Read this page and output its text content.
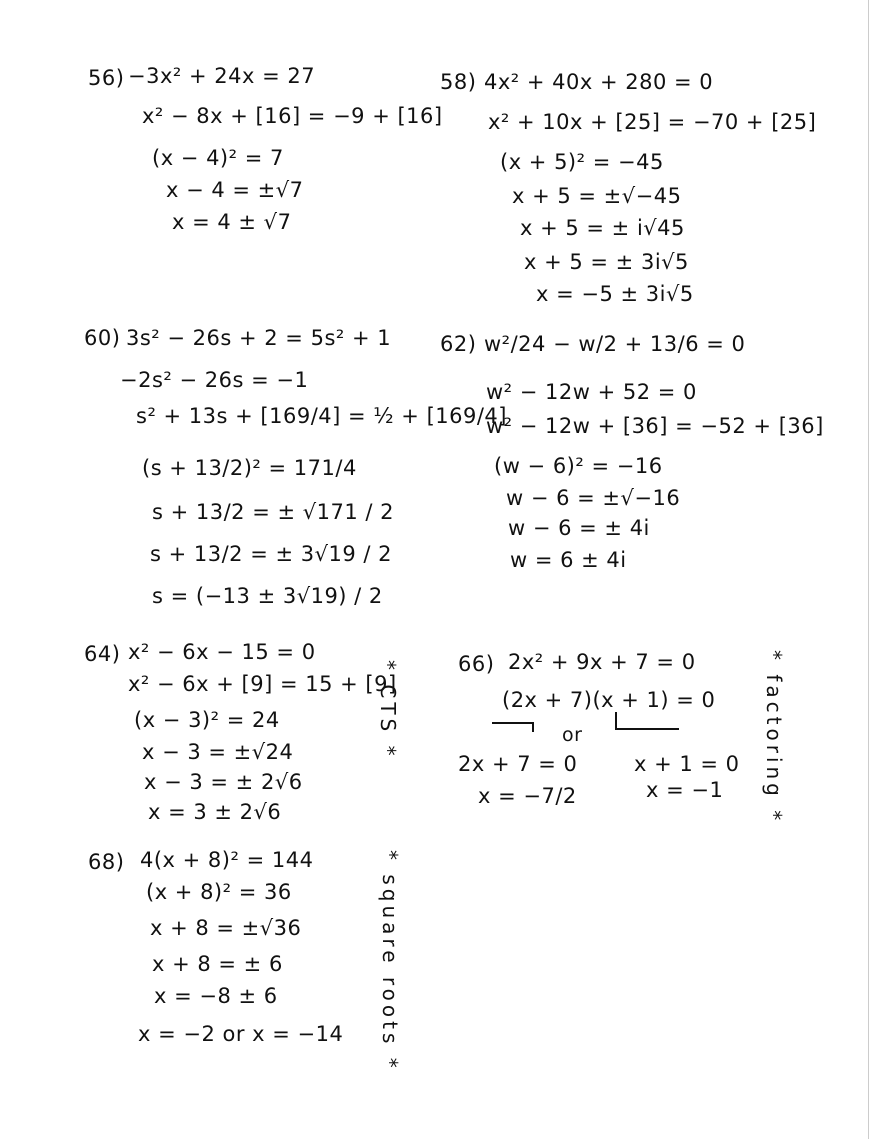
56) −3x² + 24x = 27
x² − 8x + [16] = −9 + [16]
(x − 4)² = 7
x − 4 = ±√7
x = 4 ± √7
58) 4x² + 40x + 280 = 0
x² + 10x + [25] = −70 + [25]
(x + 5)² = −45
x + 5 = ±√−45
x + 5 = ± i√45
x + 5 = ± 3i√5
x = −5 ± 3i√5
60) 3s² − 26s + 2 = 5s² + 1
−2s² − 26s = −1
s² + 13s + [169/4] = ½ + [169/4]
(s + 13/2)² = 171/4
s + 13/2 = ± √171 / 2
s + 13/2 = ± 3√19 / 2
s = (−13 ± 3√19) / 2
62) w²/24 − w/2 + 13/6 = 0
w² − 12w + 52 = 0
w² − 12w + [36] = −52 + [36]
(w − 6)² = −16
w − 6 = ±√−16
w − 6 = ± 4i
w = 6 ± 4i
64) x² − 6x − 15 = 0
x² − 6x + [9] = 15 + [9]
(x − 3)² = 24
x − 3 = ±√24
x − 3 = ± 2√6
x = 3 ± 2√6
* CTS *	66) 2x² + 9x + 7 = 0
(2x + 7)(x + 1) = 0
or
2x + 7 = 0
x = −7/2
x + 1 = 0
x = −1 * factoring *
68) 4(x + 8)² = 144
(x + 8)² = 36
x + 8 = ±√36
x + 8 = ± 6
x = −8 ± 6
x = −2 or x = −14 * square roots *
